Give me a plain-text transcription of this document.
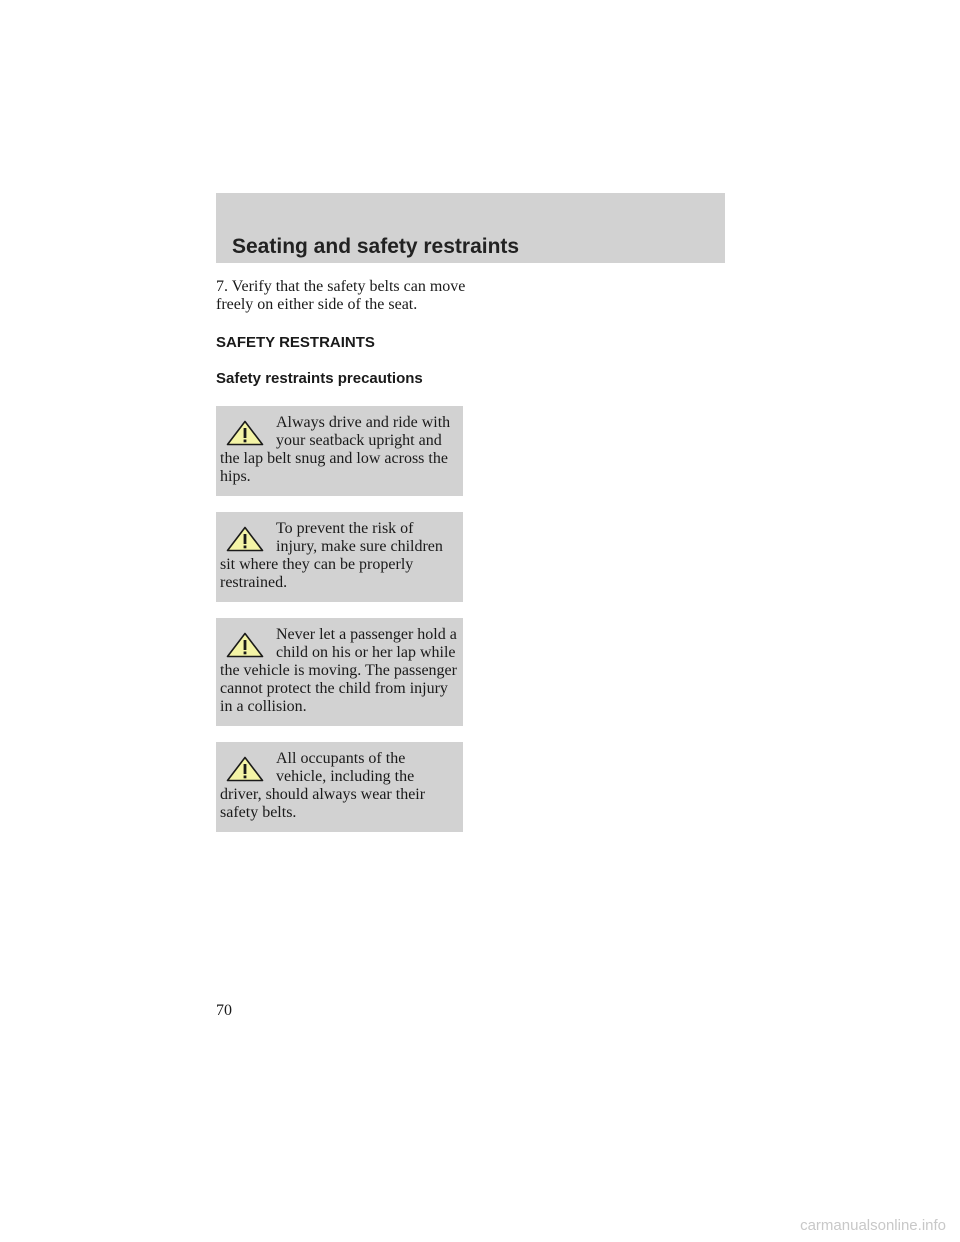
Seating and safety restraints

7. Verify that the safety belts can move freely on either side of the seat.

SAFETY RESTRAINTS
Safety restraints precautions

Always drive and ride with your seatback upright and the lap belt snug and low across the hips.

To prevent the risk of injury, make sure children sit where they can be properly restrained.

Never let a passenger hold a child on his or her lap while the vehicle is moving. The passenger cannot protect the child from injury in a collision.

All occupants of the vehicle, including the driver, should always wear their safety belts.

70

carmanualsonline.info
